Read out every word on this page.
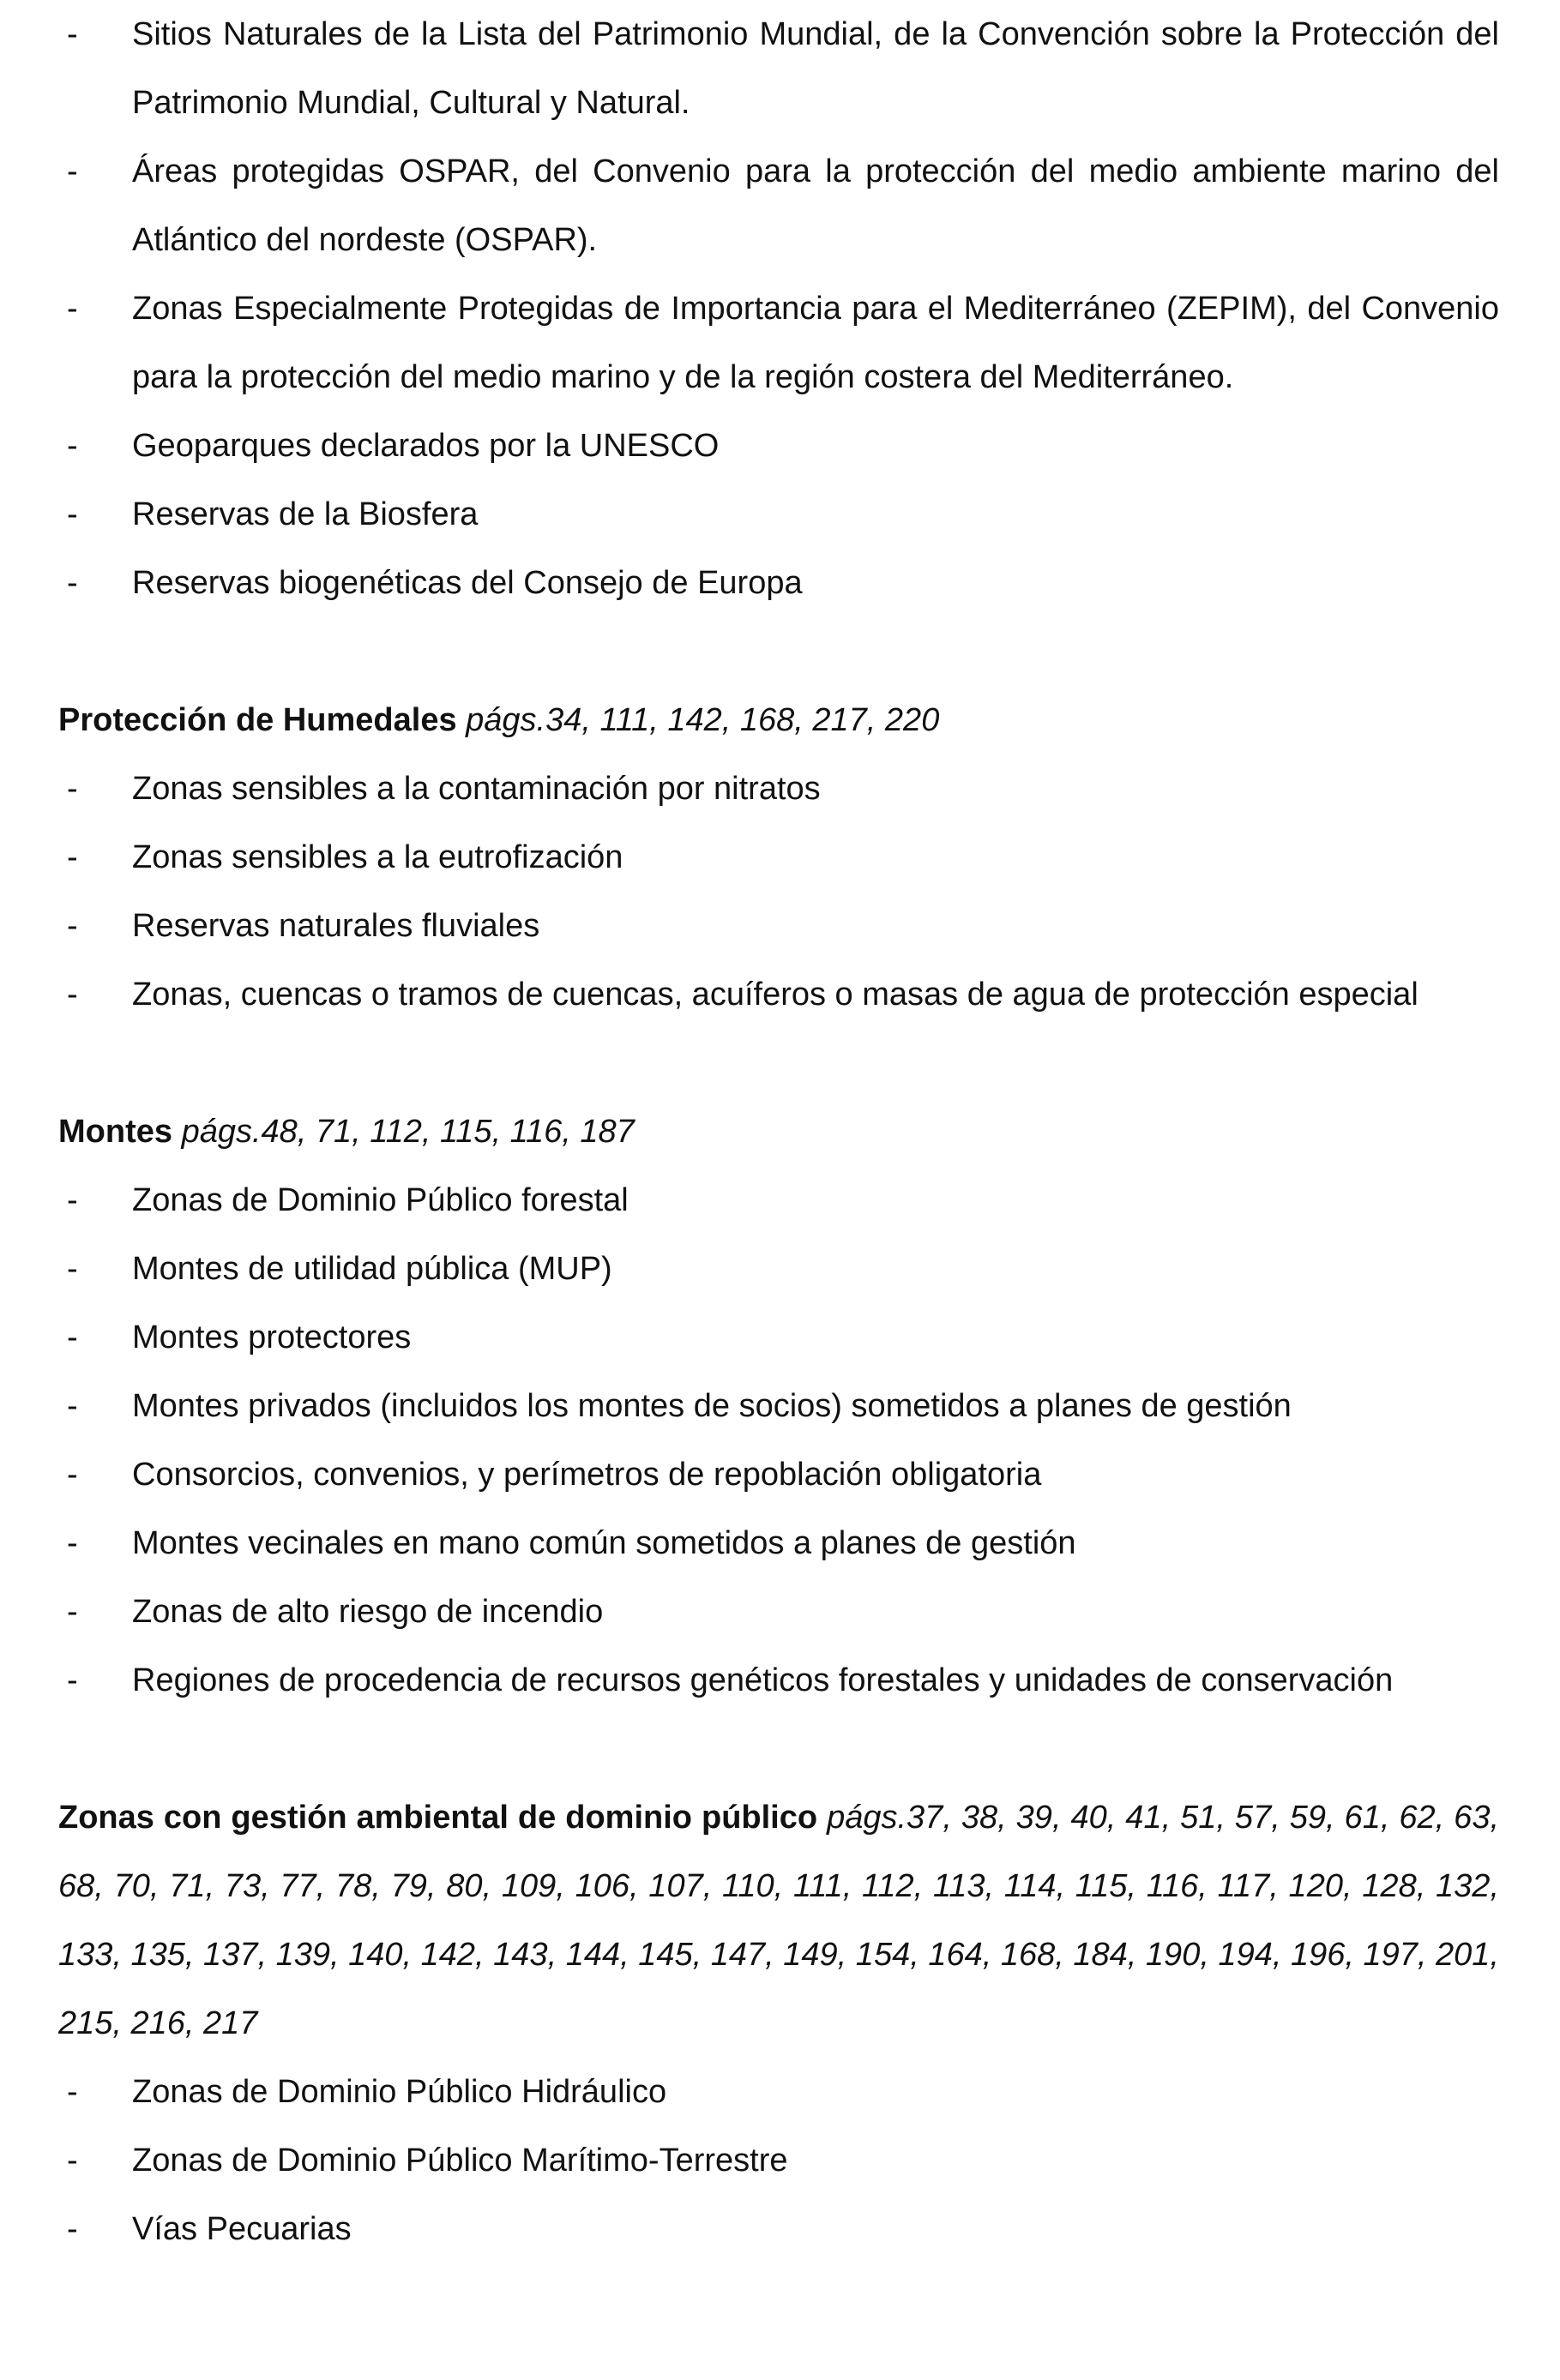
- Sitios Naturales de la Lista del Patrimonio Mundial, de la Convención sobre la Protección del Patrimonio Mundial, Cultural y Natural.
- Áreas protegidas OSPAR, del Convenio para la protección del medio ambiente marino del Atlántico del nordeste (OSPAR).
- Zonas Especialmente Protegidas de Importancia para el Mediterráneo (ZEPIM), del Convenio para la protección del medio marino y de la región costera del Mediterráneo.
- Geoparques declarados por la UNESCO
- Reservas de la Biosfera
- Reservas biogenéticas del Consejo de Europa

Protección de Humedales págs.34, 111, 142, 168, 217, 220

- Zonas sensibles a la contaminación por nitratos
- Zonas sensibles a la eutrofización
- Reservas naturales fluviales
- Zonas, cuencas o tramos de cuencas, acuíferos o masas de agua de protección especial

Montes págs.48, 71, 112, 115, 116, 187

- Zonas de Dominio Público forestal
- Montes de utilidad pública (MUP)
- Montes protectores
- Montes privados (incluidos los montes de socios) sometidos a planes de gestión
- Consorcios, convenios, y perímetros de repoblación obligatoria
- Montes vecinales en mano común sometidos a planes de gestión
- Zonas de alto riesgo de incendio
- Regiones de procedencia de recursos genéticos forestales y unidades de conservación

Zonas con gestión ambiental de dominio público págs.37, 38, 39, 40, 41, 51, 57, 59, 61, 62, 63, 68, 70, 71, 73, 77, 78, 79, 80, 109, 106, 107, 110, 111, 112, 113, 114, 115, 116, 117, 120, 128, 132, 133, 135, 137, 139, 140, 142, 143, 144, 145, 147, 149, 154, 164, 168, 184, 190, 194, 196, 197, 201, 215, 216, 217

- Zonas de Dominio Público Hidráulico
- Zonas de Dominio Público Marítimo-Terrestre
- Vías Pecuarias
